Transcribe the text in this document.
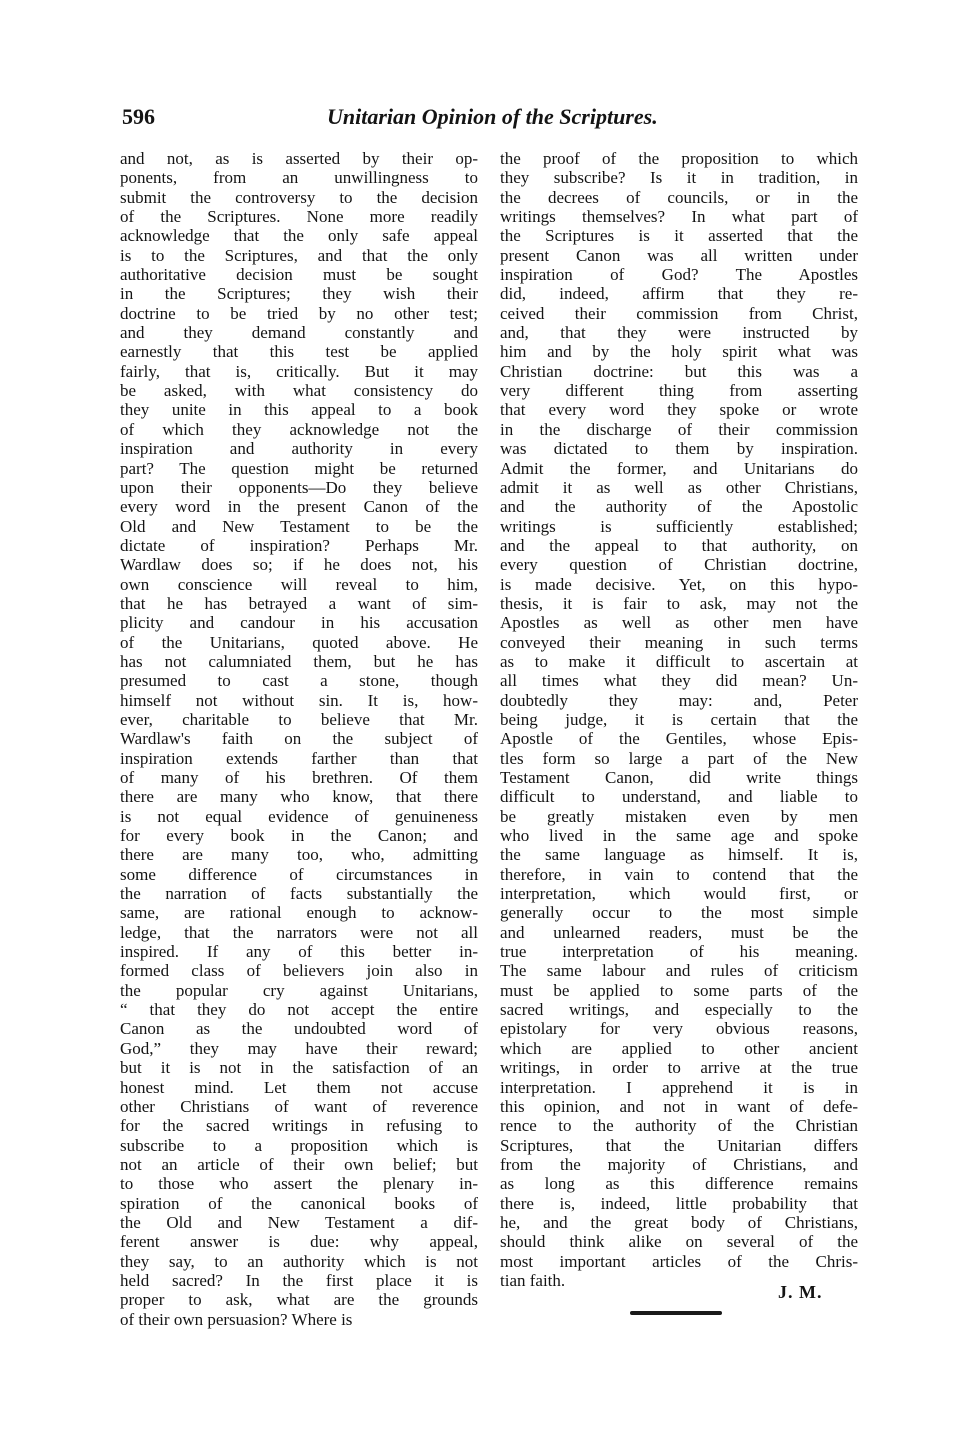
596	Unitarian Opinion of the Scriptures.
and not, as is asserted by their op-
ponents, from an unwillingness to
submit the controversy to the decision
of the Scriptures. None more readily
acknowledge that the only safe appeal
is to the Scriptures, and that the only
authoritative decision must be sought
in the Scriptures; they wish their
doctrine to be tried by no other test;
and they demand constantly and
earnestly that this test be applied
fairly, that is, critically. But it may
be asked, with what consistency do
they unite in this appeal to a book
of which they acknowledge not the
inspiration and authority in every
part? The question might be returned
upon their opponents—Do they believe
every word in the present Canon of the
Old and New Testament to be the
dictate of inspiration? Perhaps Mr.
Wardlaw does so; if he does not, his
own conscience will reveal to him,
that he has betrayed a want of sim-
plicity and candour in his accusation
of the Unitarians, quoted above. He
has not calumniated them, but he has
presumed to cast a stone, though
himself not without sin. It is, how-
ever, charitable to believe that Mr.
Wardlaw's faith on the subject of
inspiration extends farther than that
of many of his brethren. Of them
there are many who know, that there
is not equal evidence of genuineness
for every book in the Canon; and
there are many too, who, admitting
some difference of circumstances in
the narration of facts substantially the
same, are rational enough to acknow-
ledge, that the narrators were not all
inspired. If any of this better in-
formed class of believers join also in
the popular cry against Unitarians,
“ that they do not accept the entire
Canon as the undoubted word of
God,” they may have their reward;
but it is not in the satisfaction of an
honest mind. Let them not accuse
other Christians of want of reverence
for the sacred writings in refusing to
subscribe to a proposition which is
not an article of their own belief; but
to those who assert the plenary in-
spiration of the canonical books of
the Old and New Testament a dif-
ferent answer is due: why appeal,
they say, to an authority which is not
held sacred? In the first place it is
proper to ask, what are the grounds
of their own persuasion? Where is
the proof of the proposition to which
they subscribe? Is it in tradition, in
the decrees of councils, or in the
writings themselves? In what part of
the Scriptures is it asserted that the
present Canon was all written under
inspiration of God? The Apostles
did, indeed, affirm that they re-
ceived their commission from Christ,
and, that they were instructed by
him and by the holy spirit what was
Christian doctrine: but this was a
very different thing from asserting
that every word they spoke or wrote
in the discharge of their commission
was dictated to them by inspiration.
Admit the former, and Unitarians do
admit it as well as other Christians,
and the authority of the Apostolic
writings is sufficiently established;
and the appeal to that authority, on
every question of Christian doctrine,
is made decisive. Yet, on this hypo-
thesis, it is fair to ask, may not the
Apostles as well as other men have
conveyed their meaning in such terms
as to make it difficult to ascertain at
all times what they did mean? Un-
doubtedly they may: and, Peter
being judge, it is certain that the
Apostle of the Gentiles, whose Epis-
tles form so large a part of the New
Testament Canon, did write things
difficult to understand, and liable to
be greatly mistaken even by men
who lived in the same age and spoke
the same language as himself. It is,
therefore, in vain to contend that the
interpretation, which would first, or
generally occur to the most simple
and unlearned readers, must be the
true interpretation of his meaning.
The same labour and rules of criticism
must be applied to some parts of the
sacred writings, and especially to the
epistolary for very obvious reasons,
which are applied to other ancient
writings, in order to arrive at the true
interpretation. I apprehend it is in
this opinion, and not in want of defe-
rence to the authority of the Christian
Scriptures, that the Unitarian differs
from the majority of Christians, and
as long as this difference remains
there is, indeed, little probability that
he, and the great body of Christians,
should think alike on several of the
most important articles of the Chris-
tian faith.
J. M.
